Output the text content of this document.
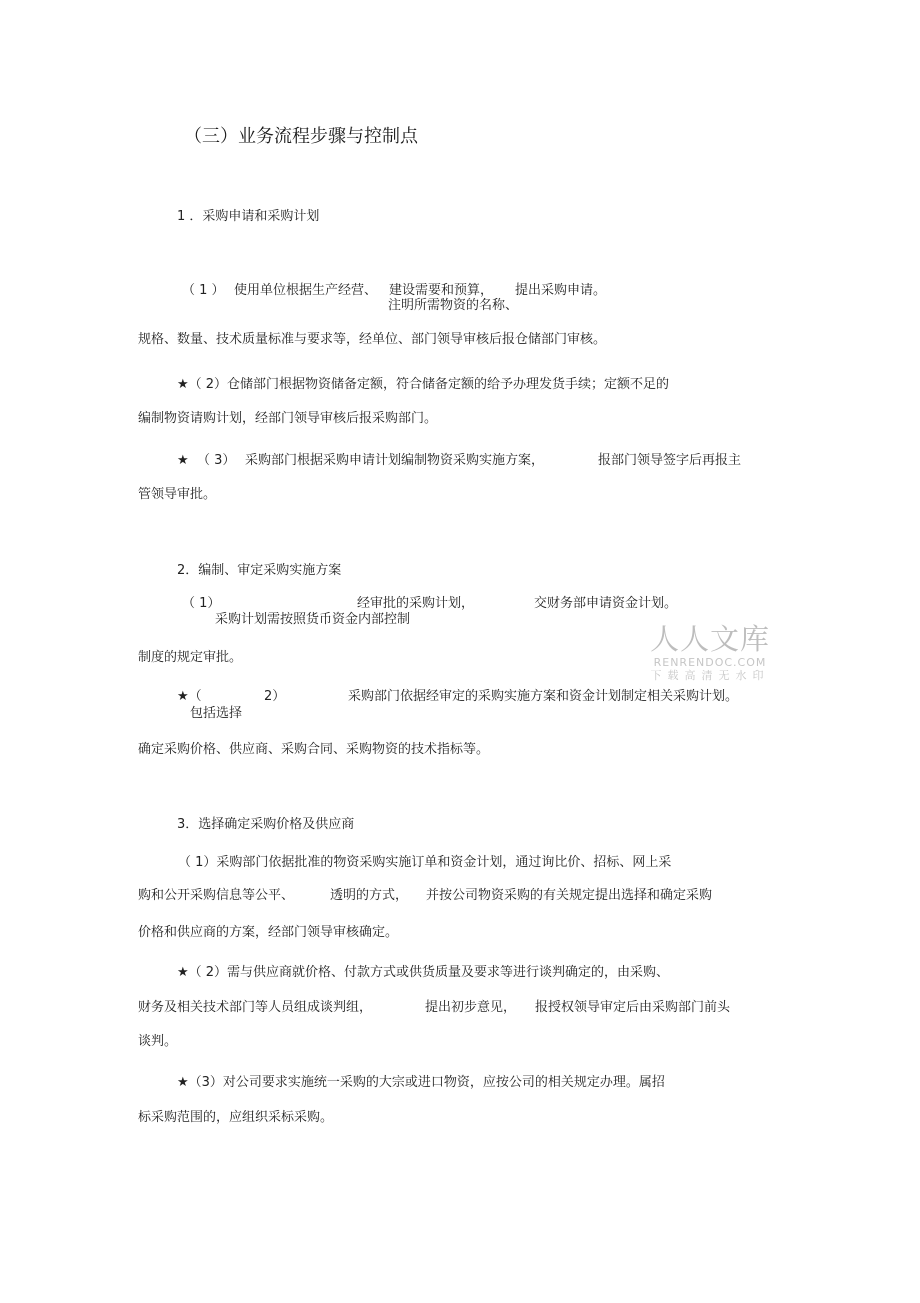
（三）业务流程步骤与控制点
1 ．采购申请和采购计划
（ 1 ） 使用单位根据生产经营、 建设需要和预算， 提出采购申请。
注明所需物资的名称、
规格、数量、技术质量标准与要求等，经单位、部门领导审核后报仓储部门审核。
★（ 2）仓储部门根据物资储备定额，符合储备定额的给予办理发货手续；定额不足的
编制物资请购计划，经部门领导审核后报采购部门。
★ （ 3） 采购部门根据采购申请计划编制物资采购实施方案，	报部门领导签字后再报主
管领导审批。
2．编制、审定采购实施方案
（ 1）	经审批的采购计划，	交财务部申请资金计划。
采购计划需按照货币资金内部控制
制度的规定审批。
★（	2）	采购部门依据经审定的采购实施方案和资金计划制定相关采购计划。
包括选择
确定采购价格、供应商、采购合同、采购物资的技术指标等。
3．选择确定采购价格及供应商
（ 1）采购部门依据批准的物资采购实施订单和资金计划，通过询比价、招标、网上采
购和公开采购信息等公平、	透明的方式， 并按公司物资采购的有关规定提出选择和确定采购
价格和供应商的方案，经部门领导审核确定。
★（ 2）需与供应商就价格、付款方式或供货质量及要求等进行谈判确定的，由采购、
财务及相关技术部门等人员组成谈判组，	提出初步意见， 报授权领导审定后由采购部门前头
谈判。
★（3）对公司要求实施统一采购的大宗或进口物资，应按公司的相关规定办理。属招
标采购范围的，应组织采标采购。
人人文库
RENRENDOC.COM
下载高清无水印
